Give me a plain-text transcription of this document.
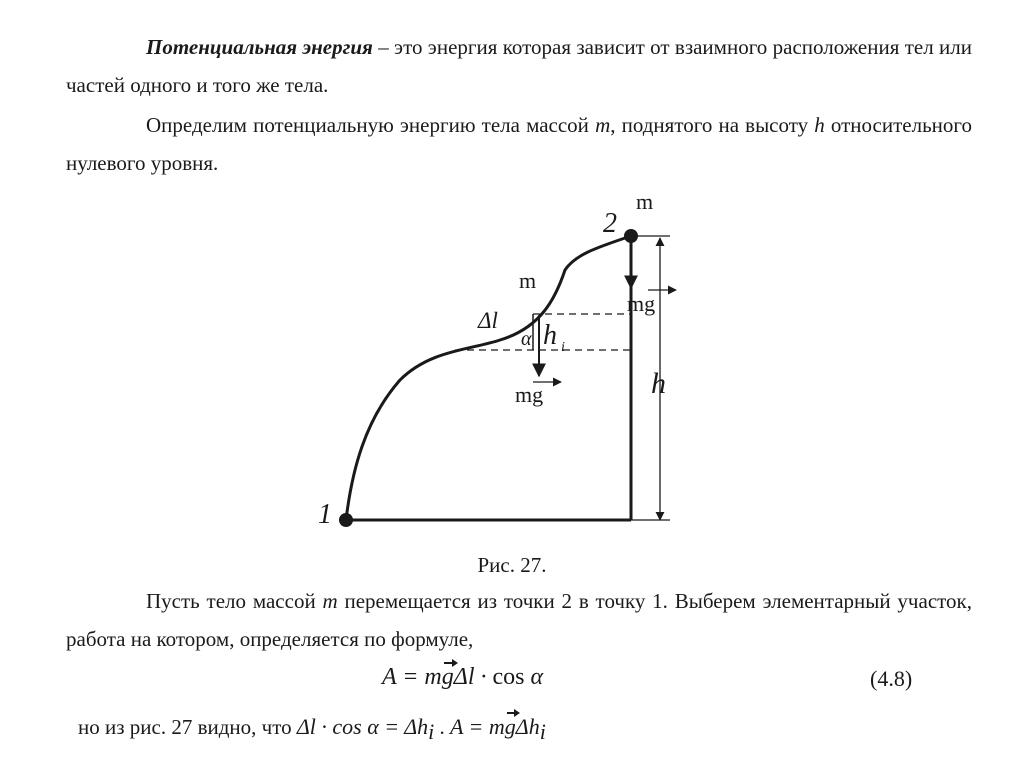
Потенциальная энергия – это энергия которая зависит от взаимного расположения тел или частей одного и того же тела.

Определим потенциальную энергию тела массой m, поднятого на высоту h относительного нулевого уровня.

1
2
m
m
mg
mg
Δl
α h i
h

Рис. 27.

Пусть тело массой m перемещается из точки 2 в точку 1. Выберем элементарный участок, работа на котором, определяется по формуле,

A = mgΔl · cos α	(4.8)
но из рис. 27 видно, что $\Delta l \cdot \cos \alpha = \Delta h_i$ . A = mgΔh$_i$
